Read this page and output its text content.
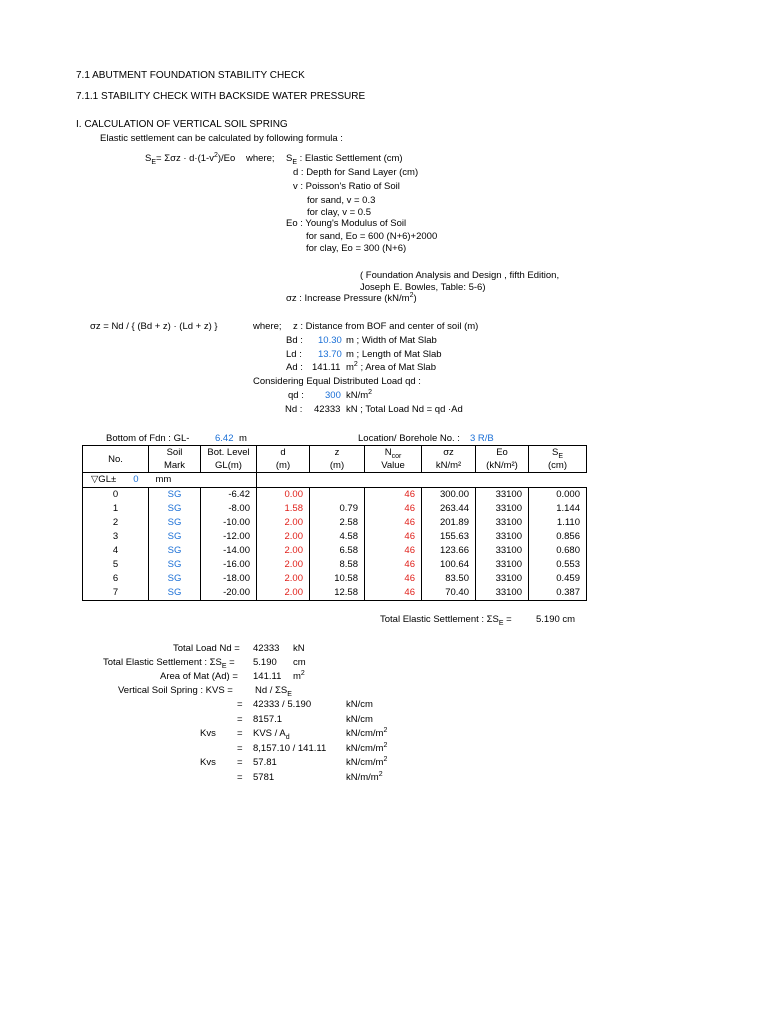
7.1 ABUTMENT FOUNDATION STABILITY CHECK
7.1.1 STABILITY CHECK WITH BACKSIDE WATER PRESSURE
I. CALCULATION OF VERTICAL SOIL SPRING
Elastic settlement can be calculated by following formula :
$S_E= \Sigma\sigma z \cdot d\cdot(1-v^2)/Eo$ where; $S_E$ : Elastic Settlement (cm)
d : Depth for Sand Layer (cm)
v : Poisson's Ratio of Soil
for sand, v = 0.3
for clay, v = 0.5
Eo : Young's Modulus of Soil
for sand, Eo = 600 (N+6)+2000
for clay, Eo = 300 (N+6)
( Foundation Analysis and Design , fifth Edition,
Joseph E. Bowles, Table: 5-6)
σz : Increase Pressure $(kN/m^2)$
σz = Nd / { (Bd + z) · (Ld + z) }	where; z : Distance from BOF and center of soil (m)
Bd : 10.30 m ; Width of Mat Slab
Ld : 13.70 m ; Length of Mat Slab
Ad : 141.11 $m^2$ ; Area of Mat Slab
Considering Equal Distributed Load qd :
qd : 300 $kN/m^2$
Nd : 42333 kN ; Total Load Nd = qd ·Ad
Bottom of Fdn : GL-	6.42 m	Location/ Borehole No. : 3 R/B
No.	Soil	Bot. Level	d	z	$N_{cor}$	σz	Eo	$S_E$
	Mark	GL(m)	(m)	(m)	Value	kN/m²	(kN/m²)	(cm)
▽GL± 0 mm								
0	SG	-6.42	0.00		46	300.00	33100	0.000
1	SG	-8.00	1.58	0.79	46	263.44	33100	1.144
2	SG	-10.00	2.00	2.58	46	201.89	33100	1.110
3	SG	-12.00	2.00	4.58	46	155.63	33100	0.856
4	SG	-14.00	2.00	6.58	46	123.66	33100	0.680
5	SG	-16.00	2.00	8.58	46	100.64	33100	0.553
6	SG	-18.00	2.00	10.58	46	83.50	33100	0.459
7	SG	-20.00	2.00	12.58	46	70.40	33100	0.387
Total Elastic Settlement : $\Sigma S_E$ =	5.190 cm
Total Load Nd = 42333 kN
Total Elastic Settlement : $\Sigma S_E = 5.190$ cm
Area of Mat (Ad) = 141.11 $m^2$
Vertical Soil Spring : KVS = Nd / $\Sigma S_E$
= 42333 / 5.190	kN/cm
= 8157.1	kN/cm
Kvs = KVS / $A_d$	$kN/cm/m^2$
= 8,157.10 / 141.11 $kN/cm/m^2$
Kvs = 57.81	$kN/cm/m^2$
= 5781	$kN/m/m^2$
